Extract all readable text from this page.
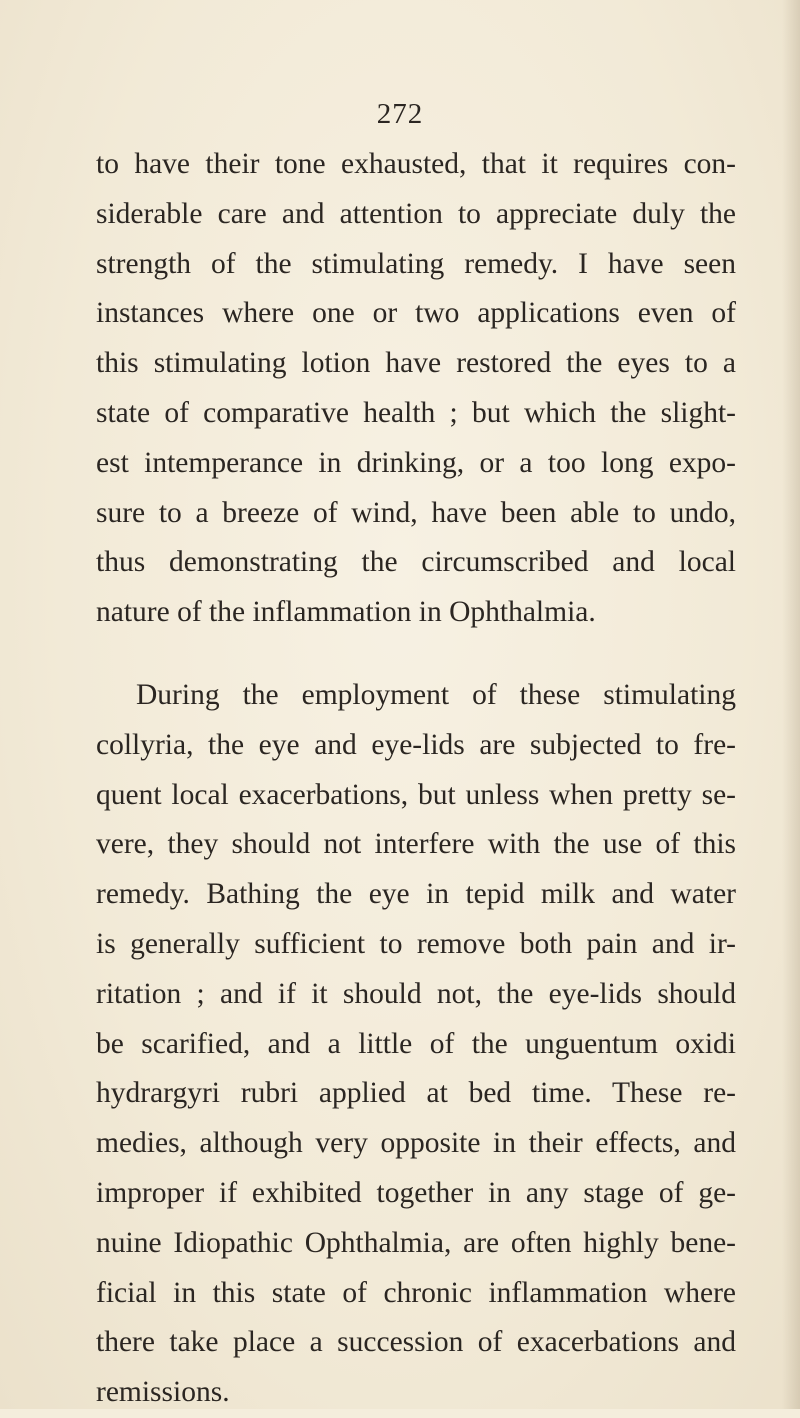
272
to have their tone exhausted, that it requires con-
siderable care and attention to appreciate duly the
strength of the stimulating remedy. I have seen
instances where one or two applications even of
this stimulating lotion have restored the eyes to a
state of comparative health ; but which the slight-
est intemperance in drinking, or a too long expo-
sure to a breeze of wind, have been able to undo,
thus demonstrating the circumscribed and local
nature of the inflammation in Ophthalmia.
During the employment of these stimulating
collyria, the eye and eye-lids are subjected to fre-
quent local exacerbations, but unless when pretty se-
vere, they should not interfere with the use of this
remedy. Bathing the eye in tepid milk and water
is generally sufficient to remove both pain and ir-
ritation ; and if it should not, the eye-lids should
be scarified, and a little of the unguentum oxidi
hydrargyri rubri applied at bed time. These re-
medies, although very opposite in their effects, and
improper if exhibited together in any stage of ge-
nuine Idiopathic Ophthalmia, are often highly bene-
ficial in this state of chronic inflammation where
there take place a succession of exacerbations and
remissions.
